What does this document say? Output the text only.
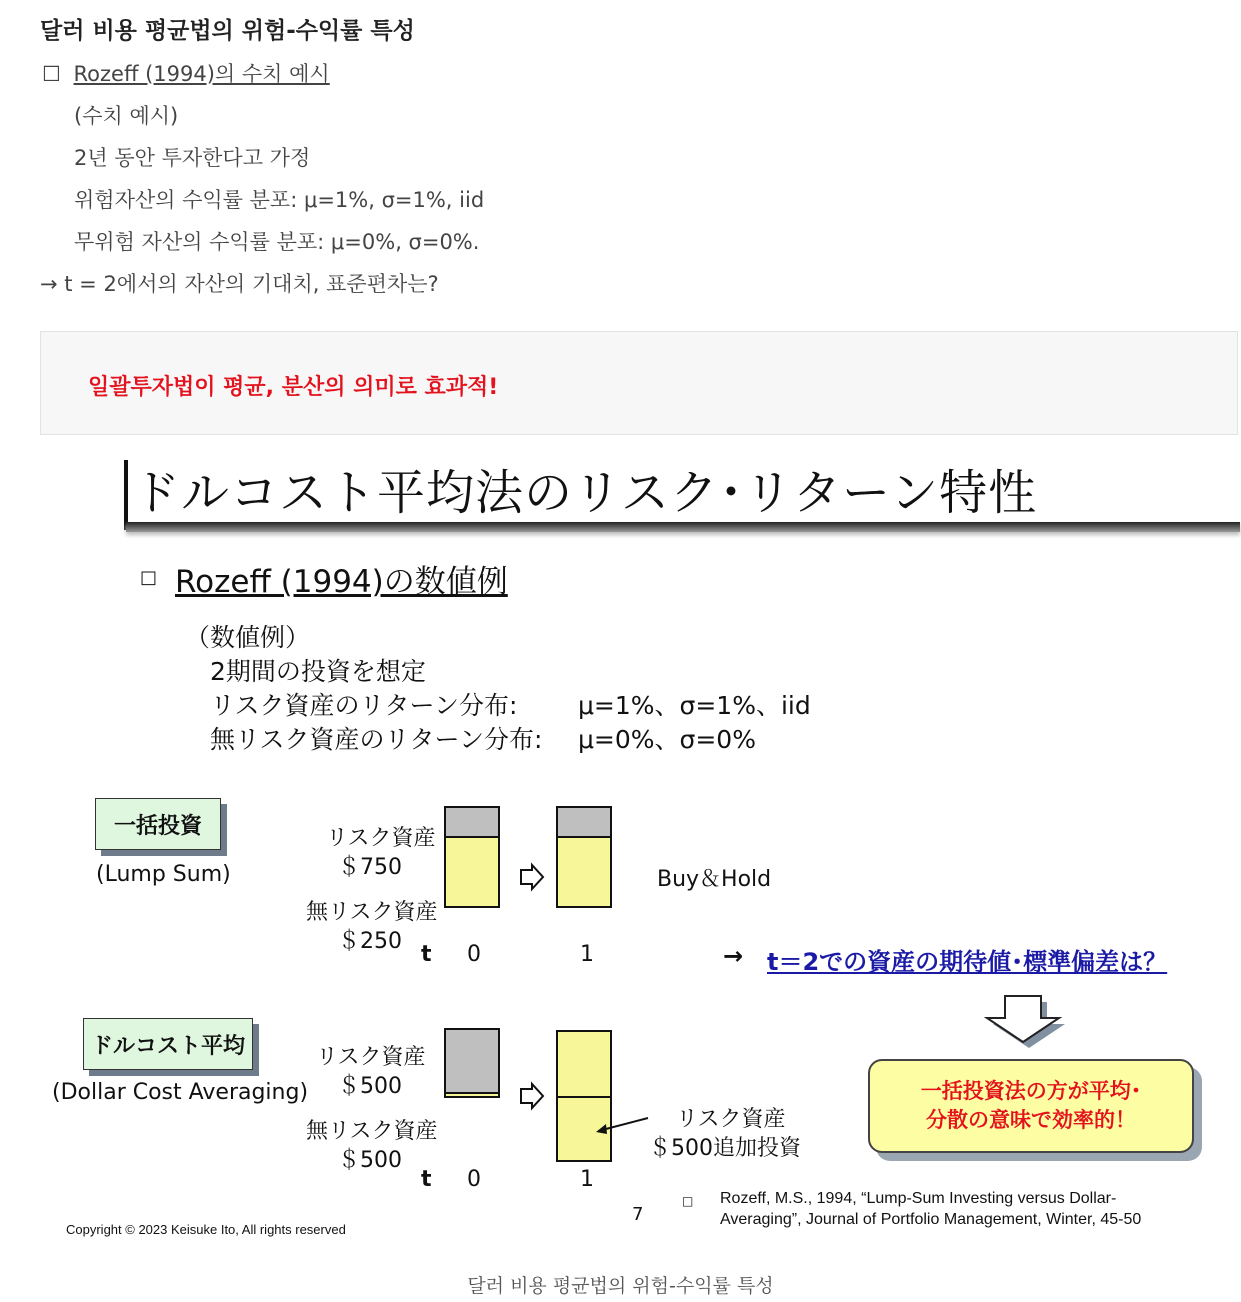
달러 비용 평균법의 위험-수익률 특성
☐ Rozeff (1994)의 수치 예시
(수치 예시)
2년 동안 투자한다고 가정
위험자산의 수익률 분포: μ=1%, σ=1%, iid
무위험 자산의 수익률 분포: μ=0%, σ=0%.
→ t = 2에서의 자산의 기대치, 표준편차는?
일괄투자법이 평균, 분산의 의미로 효과적!
ドルコスト平均法のリスク･リターン特性
□ Rozeff (1994)の数値例
（数値例）
2期間の投資を想定
リスク資産のリターン分布: μ=1%、σ=1%、iid
無リスク資産のリターン分布: μ=0%、σ=0%
一括投資
(Lump Sum)
リスク資産
＄750
無リスク資産
＄250
t 0	1
Buy＆Hold
→ t＝2での資産の期待値･標準偏差は？
ドルコスト平均
(Dollar Cost Averaging)
リスク資産
＄500
無リスク資産
＄500
t 0	1
リスク資産
＄500追加投資
一括投資法の方が平均･
分散の意味で効率的！
7
Copyright © 2023 Keisuke Ito, All rights reserved
□ Rozeff, M.S., 1994, “Lump-Sum Investing versus Dollar-
Averaging”, Journal of Portfolio Management, Winter, 45-50
달러 비용 평균법의 위험-수익률 특성
